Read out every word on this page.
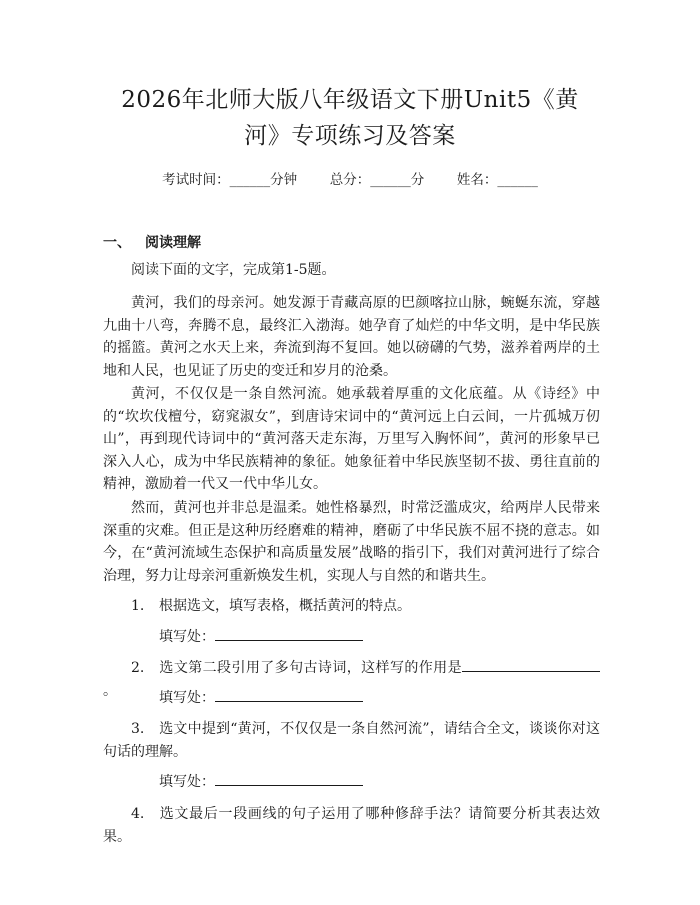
2026年北师大版八年级语文下册Unit5《黄
河》专项练习及答案
考试时间：______分钟 总分：______分 姓名：______
一、 阅读理解

阅读下面的文字，完成第1-5题。

黄河，我们的母亲河。她发源于青藏高原的巴颜喀拉山脉，蜿蜒东流，穿越九曲十八弯，奔腾不息，最终汇入渤海。她孕育了灿烂的中华文明，是中华民族的摇篮。黄河之水天上来，奔流到海不复回。她以磅礴的气势，滋养着两岸的土地和人民，也见证了历史的变迁和岁月的沧桑。

黄河，不仅仅是一条自然河流。她承载着厚重的文化底蕴。从《诗经》中的“坎坎伐檀兮，窈窕淑女”，到唐诗宋词中的“黄河远上白云间，一片孤城万仞山”，再到现代诗词中的“黄河落天走东海，万里写入胸怀间”，黄河的形象早已深入人心，成为中华民族精神的象征。她象征着中华民族坚韧不拔、勇往直前的精神，激励着一代又一代中华儿女。

然而，黄河也并非总是温柔。她性格暴烈，时常泛滥成灾，给两岸人民带来深重的灾难。但正是这种历经磨难的精神，磨砺了中华民族不屈不挠的意志。如今，在“黄河流域生态保护和高质量发展”战略的指引下，我们对黄河进行了综合治理，努力让母亲河重新焕发生机，实现人与自然的和谐共生。

1. 根据选文，填写表格，概括黄河的特点。

填写处：

2. 选文第二段引用了多句古诗词，这样写的作用是。	填写处：

3. 选文中提到“黄河，不仅仅是一条自然河流”，请结合全文，谈谈你对这句话的理解。

填写处：

4. 选文最后一段画线的句子运用了哪种修辞手法？请简要分析其表达效果。
